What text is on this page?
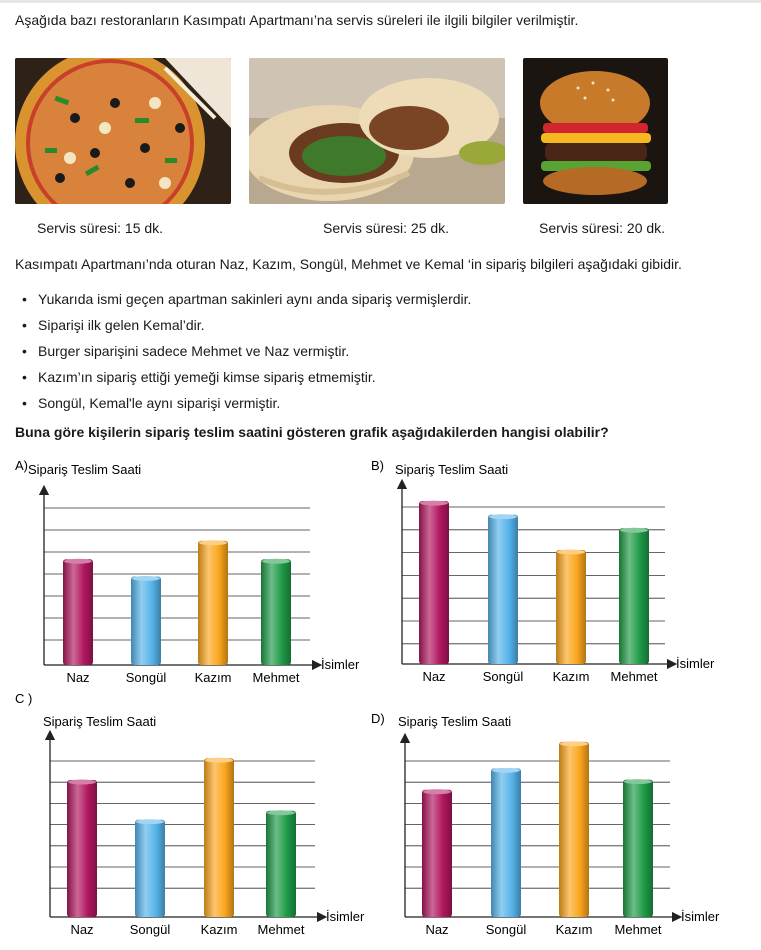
Aşağıda bazı restoranların Kasımpatı Apartmanı’na servis süreleri ile ilgili bilgiler verilmiştir.
Servis süresi: 15 dk.	Servis süresi: 25 dk.	Servis süresi: 20 dk.
Kasımpatı Apartmanı’nda oturan Naz, Kazım, Songül, Mehmet ve Kemal ‘in sipariş bilgileri aşağıdaki gibidir.
• Yukarıda ismi geçen apartman sakinleri aynı anda sipariş vermişlerdir.
• Siparişi ilk gelen Kemal’dir.
• Burger siparişini sadece Mehmet ve Naz vermiştir.
• Kazım’ın sipariş ettiği yemeği kimse sipariş etmemiştir.
• Songül, Kemal'le aynı siparişi vermiştir.
Buna göre kişilerin sipariş teslim saatini gösteren grafik aşağıdakilerden hangisi olabilir?
A) Sipariş Teslim Saati
İsimler
Naz	Songül Kazım Mehmet
B) Sipariş Teslim Saati
İsimler
Naz	Songül Kazım Mehmet
C )
Sipariş Teslim Saati
İsimler
Naz	Songül Kazım Mehmet
D) Sipariş Teslim Saati
İsimler
Naz	Songül Kazım Mehmet
